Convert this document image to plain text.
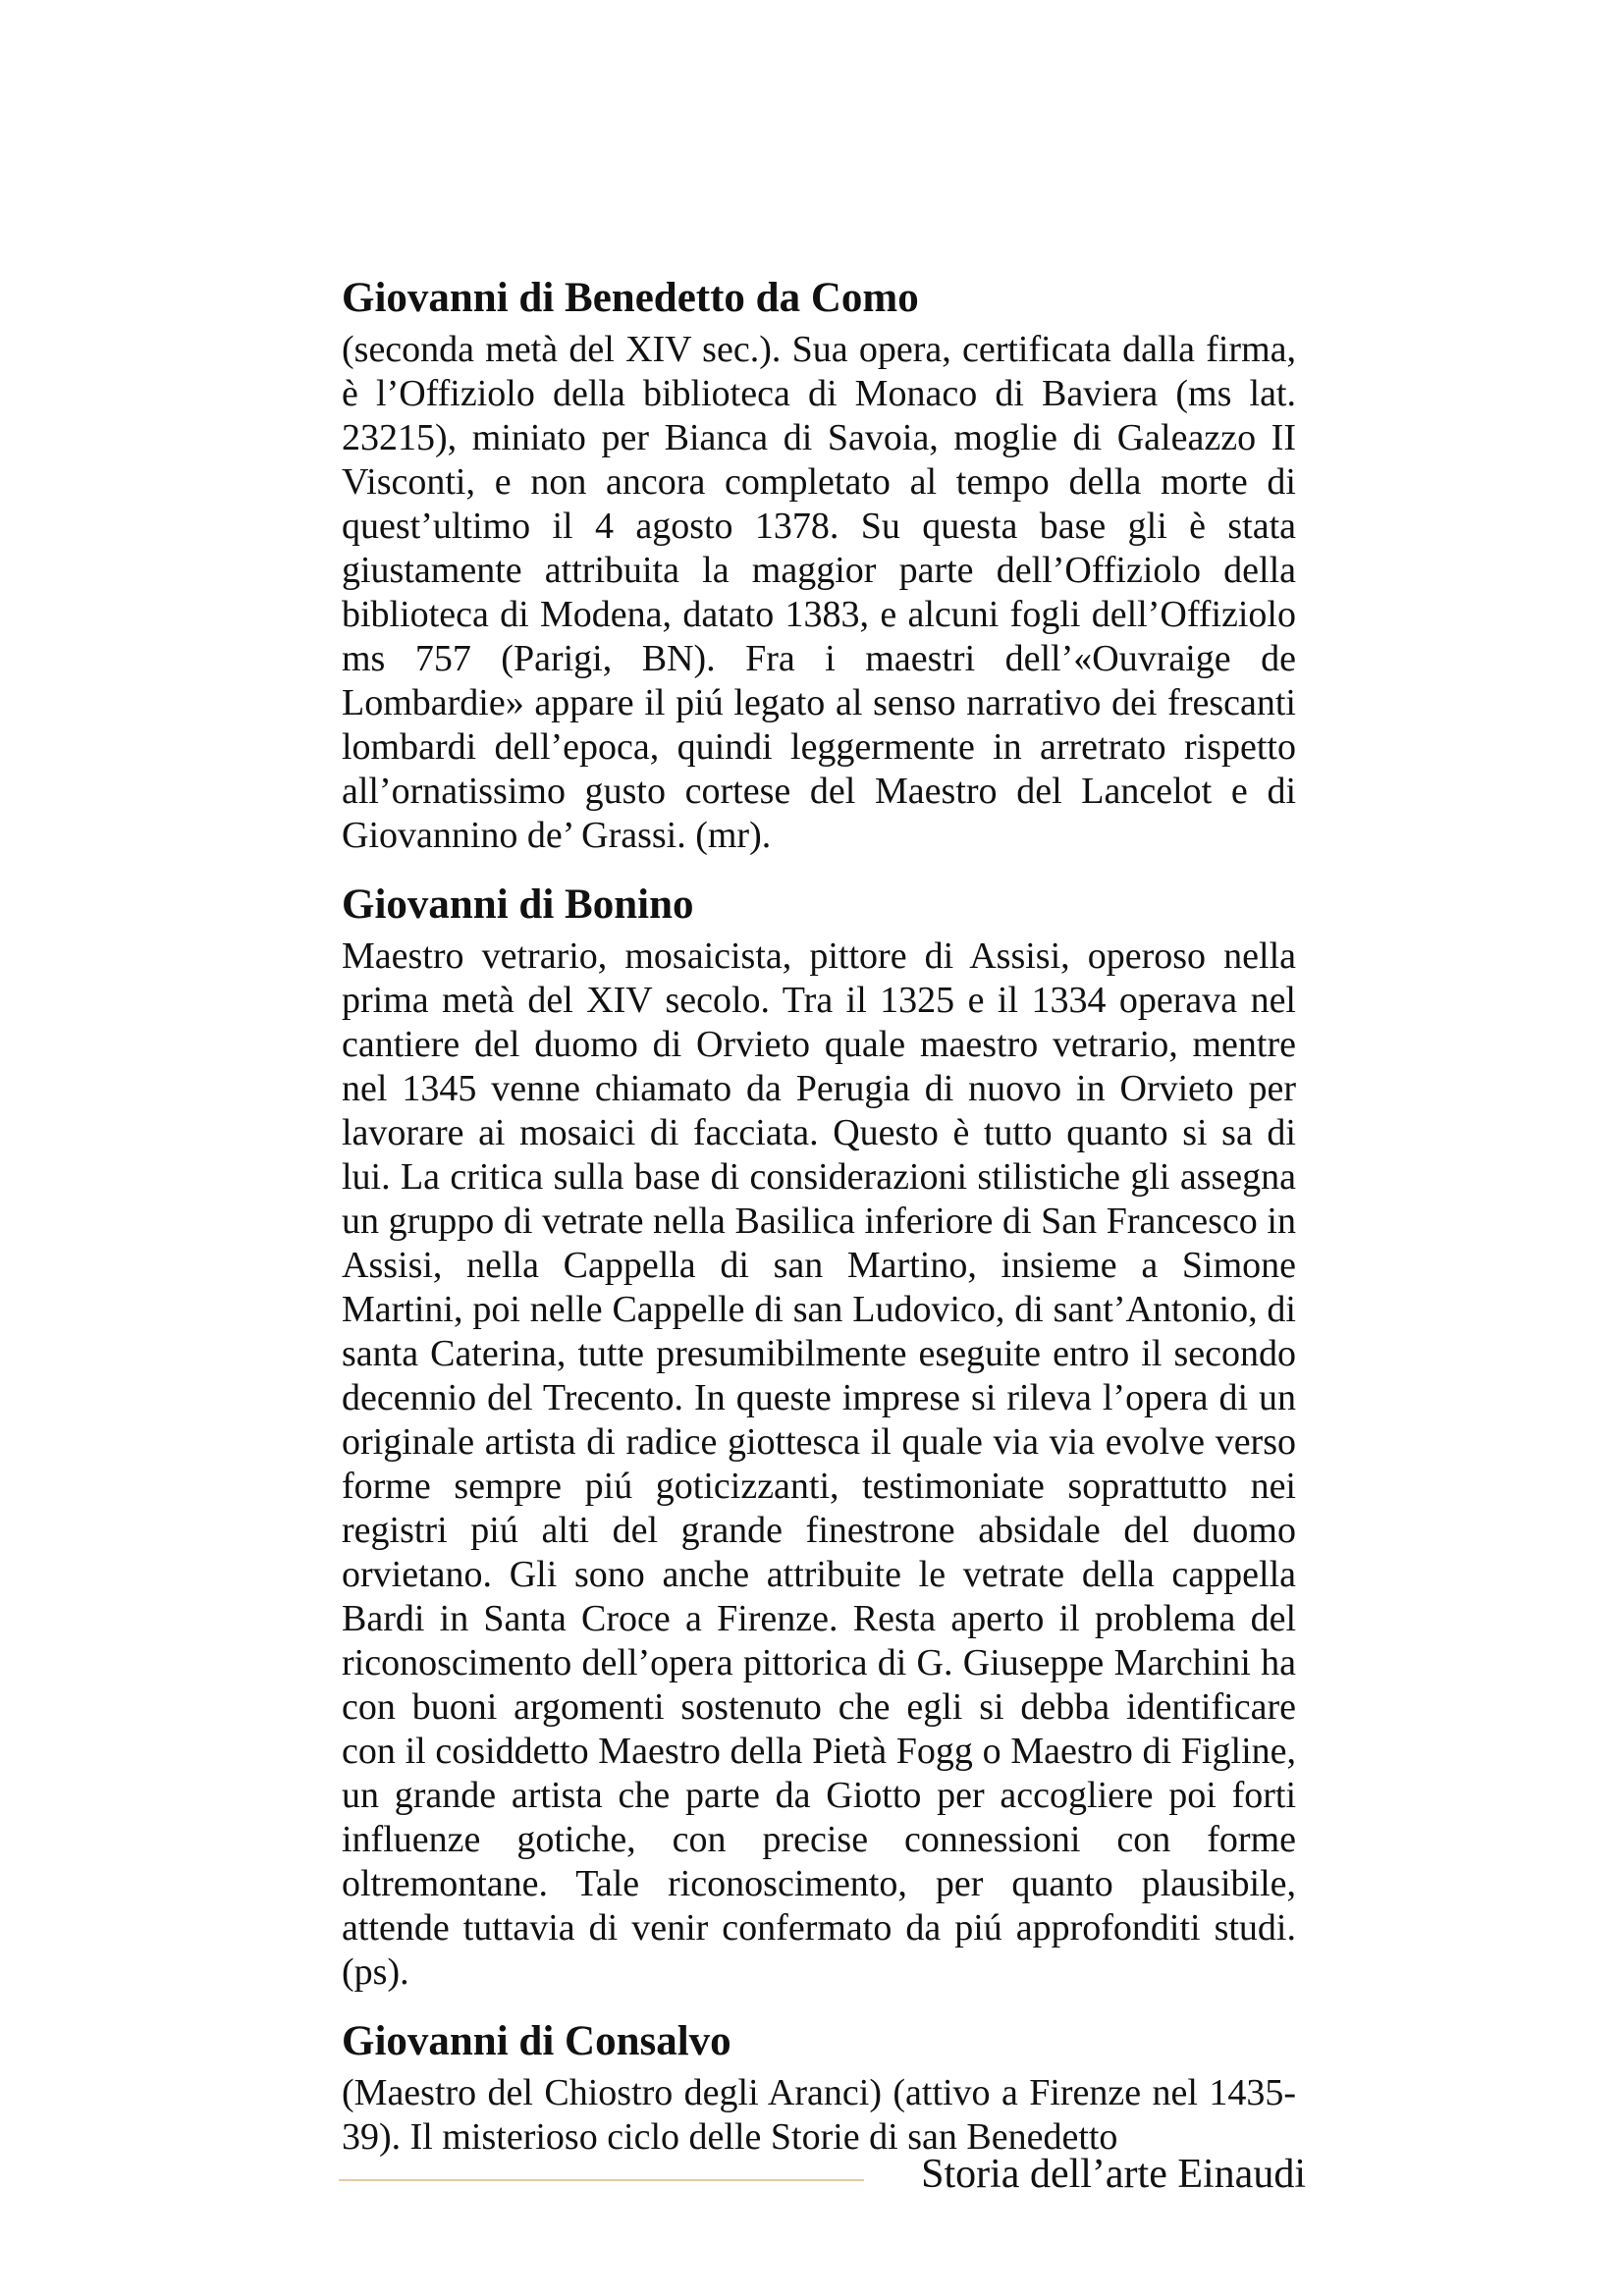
Giovanni di Benedetto da Como

(seconda metà del XIV sec.). Sua opera, certificata dalla firma, è l’Offiziolo della biblioteca di Monaco di Baviera (ms lat. 23215), miniato per Bianca di Savoia, moglie di Galeazzo II Visconti, e non ancora completato al tempo della morte di quest’ultimo il 4 agosto 1378. Su questa base gli è stata giustamente attribuita la maggior parte dell’Offiziolo della biblioteca di Modena, datato 1383, e alcuni fogli dell’Offiziolo ms 757 (Parigi, BN). Fra i maestri dell’«Ouvraige de Lombardie» appare il piú legato al senso narrativo dei frescanti lombardi dell’epoca, quindi leggermente in arretrato rispetto all’ornatissimo gusto cortese del Maestro del Lancelot e di Giovannino de’ Grassi. (mr).

Giovanni di Bonino

Maestro vetrario, mosaicista, pittore di Assisi, operoso nella prima metà del XIV secolo. Tra il 1325 e il 1334 operava nel cantiere del duomo di Orvieto quale maestro vetrario, mentre nel 1345 venne chiamato da Perugia di nuovo in Orvieto per lavorare ai mosaici di facciata. Questo è tutto quanto si sa di lui. La critica sulla base di considerazioni stilistiche gli assegna un gruppo di vetrate nella Basilica inferiore di San Francesco in Assisi, nella Cappella di san Martino, insieme a Simone Martini, poi nelle Cappelle di san Ludovico, di sant’Antonio, di santa Caterina, tutte presumibilmente eseguite entro il secondo decennio del Trecento. In queste imprese si rileva l’opera di un originale artista di radice giottesca il quale via via evolve verso forme sempre piú goticizzanti, testimoniate soprattutto nei registri piú alti del grande finestrone absidale del duomo orvietano. Gli sono anche attribuite le vetrate della cappella Bardi in Santa Croce a Firenze. Resta aperto il problema del riconoscimento dell’opera pittorica di G. Giuseppe Marchini ha con buoni argomenti sostenuto che egli si debba identificare con il cosiddetto Maestro della Pietà Fogg o Maestro di Figline, un grande artista che parte da Giotto per accogliere poi forti influenze gotiche, con precise connessioni con forme oltremontane. Tale riconoscimento, per quanto plausibile, attende tuttavia di venir confermato da piú approfonditi studi. (ps).

Giovanni di Consalvo

(Maestro del Chiostro degli Aranci) (attivo a Firenze nel 1435-39). Il misterioso ciclo delle Storie di san Benedetto

Storia dell’arte Einaudi
